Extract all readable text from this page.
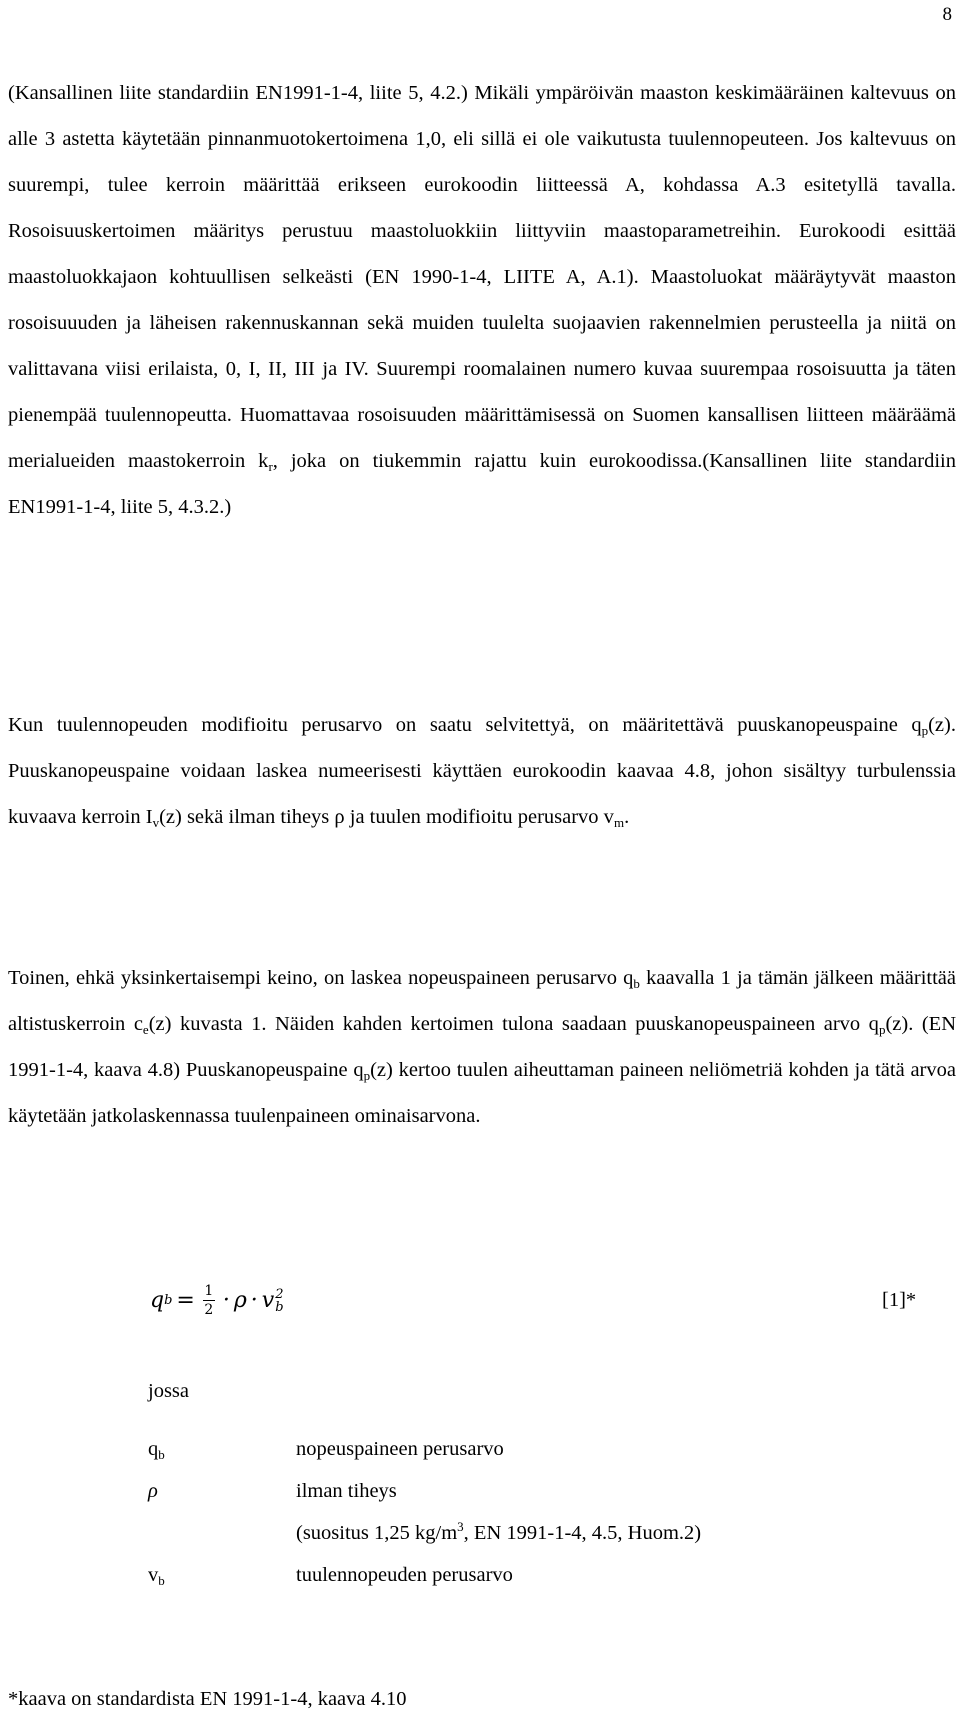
8

(Kansallinen liite standardiin EN1991-1-4, liite 5, 4.2.) Mikäli ympäröivän maaston keskimääräinen kaltevuus on alle 3 astetta käytetään pinnanmuotokertoimena 1,0, eli sillä ei ole vaikutusta tuulennopeuteen. Jos kaltevuus on suurempi, tulee kerroin määrittää erikseen eurokoodin liitteessä A, kohdassa A.3 esitetyllä tavalla. Rosoisuuskertoimen määritys perustuu maastoluokkiin liittyviin maastoparametreihin. Eurokoodi esittää maastoluokkajaon kohtuullisen selkeästi (EN 1990-1-4, LIITE A, A.1). Maastoluokat määräytyvät maaston rosoisuuuden ja läheisen rakennuskannan sekä muiden tuulelta suojaavien rakennelmien perusteella ja niitä on valittavana viisi erilaista, 0, I, II, III ja IV. Suurempi roomalainen numero kuvaa suurempaa rosoisuutta ja täten pienempää tuulennopeutta. Huomattavaa rosoisuuden määrittämisessä on Suomen kansallisen liitteen määräämä merialueiden maastokerroin $k_r$, joka on tiukemmin rajattu kuin eurokoodissa.(Kansallinen liite standardiin EN1991-1-4, liite 5, 4.3.2.)

Kun tuulennopeuden modifioitu perusarvo on saatu selvitettyä, on määritettävä puuskanopeuspaine $q_p(z)$. Puuskanopeuspaine voidaan laskea numeerisesti käyttäen eurokoodin kaavaa 4.8, johon sisältyy turbulenssia kuvaava kerroin $I_v(z)$ sekä ilman tiheys ρ ja tuulen modifioitu perusarvo $v_m$.

Toinen, ehkä yksinkertaisempi keino, on laskea nopeuspaineen perusarvo $q_b$ kaavalla 1 ja tämän jälkeen määrittää altistuskerroin $c_e(z)$ kuvasta 1. Näiden kahden kertoimen tulona saadaan puuskanopeuspaineen arvo $q_p(z)$. (EN 1991-1-4, kaava 4.8) Puuskanopeuspaine $q_p(z)$ kertoo tuulen aiheuttaman paineen neliömetriä kohden ja tätä arvoa käytetään jatkolaskennassa tuulenpaineen ominaisarvona.

q $b = \frac{1}{2} \cdot \rho \cdot v$ 2
b	[1]*
jossa
$q_b$	nopeuspaineen perusarvo
ρ	ilman tiheys
(suositus 1,25 $kg/m^3$, EN 1991-1-4, 4.5, Huom.2)
$v_b$	tuulennopeuden perusarvo
*kaava on standardista EN 1991-1-4, kaava 4.10
